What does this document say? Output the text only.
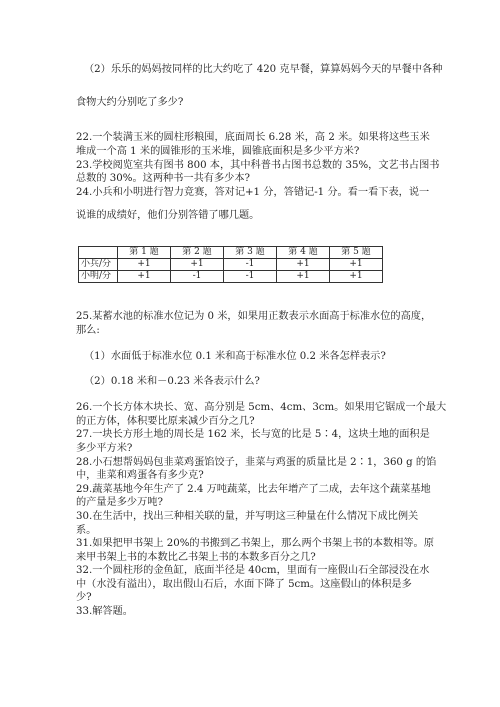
（2）乐乐的妈妈按同样的比大约吃了 420 克早餐，算算妈妈今天的早餐中各种
食物大约分别吃了多少?
22.一个装满玉米的圆柱形粮囤，底面周长 6.28 米，高 2 米。如果将这些玉米
堆成一个高 1 米的圆锥形的玉米堆，圆锥底面积是多少平方米?
23.学校阅览室共有图书 800 本，其中科普书占图书总数的 35%，文艺书占图书
总数的 30%。这两种书一共有多少本?
24.小兵和小明进行智力竞赛，答对记+1 分，答错记-1 分。看一看下表，说一
说谁的成绩好，他们分别答错了哪几题。
	第 1 题	第 2 题	第 3 题	第 4 题	第 5 题
小兵/分	+1	+1	-1	+1	+1
小明/分	+1	-1	-1	+1	+1
25.某蓄水池的标准水位记为 0 米，如果用正数表示水面高于标准水位的高度，
那么:
（1）水面低于标准水位 0.1 米和高于标准水位 0.2 米各怎样表示?
（2）0.18 米和－0.23 米各表示什么?
26.一个长方体木块长、宽、高分别是 5cm、4cm、3cm。如果用它锯成一个最大
的正方体，体积要比原来减少百分之几?
27.一块长方形土地的周长是 162 米，长与宽的比是 5∶4，这块土地的面积是
多少平方米?
28.小石想帮妈妈包韭菜鸡蛋馅饺子，韭菜与鸡蛋的质量比是 2∶1，360 g 的馅
中，韭菜和鸡蛋各有多少克?
29.蔬菜基地今年生产了 2.4 万吨蔬菜，比去年增产了二成，去年这个蔬菜基地
的产量是多少万吨?
30.在生活中，找出三种相关联的量，并写明这三种量在什么情况下成比例关
系。
31.如果把甲书架上 20%的书搬到乙书架上，那么两个书架上书的本数相等。原
来甲书架上书的本数比乙书架上书的本数多百分之几?
32.一个圆柱形的金鱼缸，底面半径是 40cm，里面有一座假山石全部浸没在水
中（水没有溢出），取出假山石后，水面下降了 5cm。这座假山的体积是多
少?
33.解答题。
